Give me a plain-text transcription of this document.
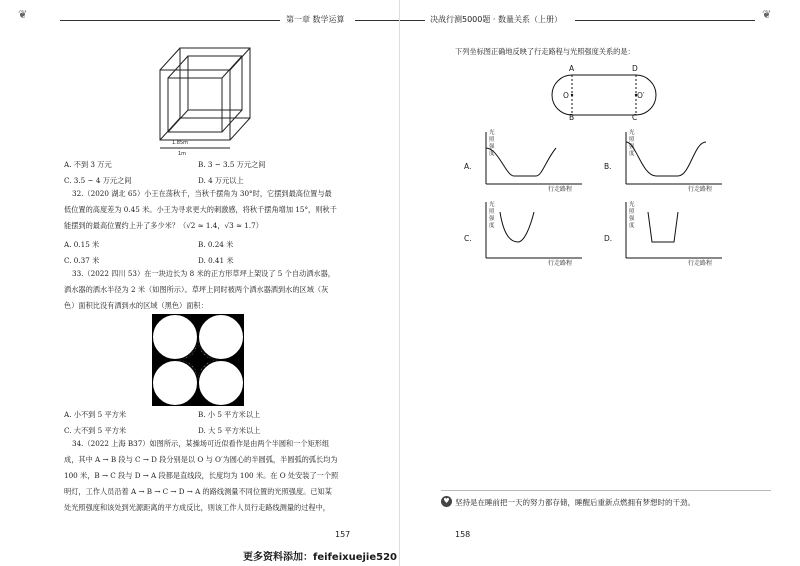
❦	第一章 数学运算
1.85m
1m
A. 不到 3 万元	B. 3 ~ 3.5 万元之间
C. 3.5 ~ 4 万元之间	D. 4 万元以上
32.（2020 湖北 65）小王在荡秋千，当秋千摆角为 30°时，它摆到最高位置与最
低位置的高度差为 0.45 米。小王为寻求更大的刺激感，将秋千摆角增加 15°，则秋千
能摆到的最高位置约上升了多少米？（√2 ≈ 1.4，√3 ≈ 1.7）
A. 0.15 米	B. 0.24 米
C. 0.37 米	D. 0.41 米
33.（2022 四川 53）在一块边长为 8 米的正方形草坪上架设了 5 个自动洒水器，
洒水器的洒水半径为 2 米（如图所示）。草坪上同时被两个洒水器洒到水的区域（灰
色）面积比没有洒到水的区域（黑色）面积：
A. 小不到 5 平方米	B. 小 5 平方米以上
C. 大不到 5 平方米	D. 大 5 平方米以上
34.（2022 上海 B37）如图所示，某操场可近似看作是由两个半圆和一个矩形组
成，其中 A → B 段与 C → D 段分别是以 O 与 O′为圆心的半圆弧，半圆弧的弧长均为
100 米，B → C 段与 D → A 段都是直线段，长度均为 100 米。在 O 处安装了一个照
明灯，工作人员沿着 A → B → C → D → A 的路线测量不同位置的光照强度。已知某
处光照强度和该处到光源距离的平方成反比，则该工作人员行走路线测量的过程中，
157
决战行测5000题 · 数量关系（上册）	❦
下列坐标图正确地反映了行走路程与光照强度关系的是：
A	D
O	O′
B	C
A.
行走路程
光照强度
B.
行走路程
光照强度
C.
行走路程
光照强度
D.
行走路程
光照强度
158
♥ 坚持是在睡前把一天的努力都存储，睡醒后重新点燃拥有梦想时的干劲。
更多资料添加：feifeixuejie520
